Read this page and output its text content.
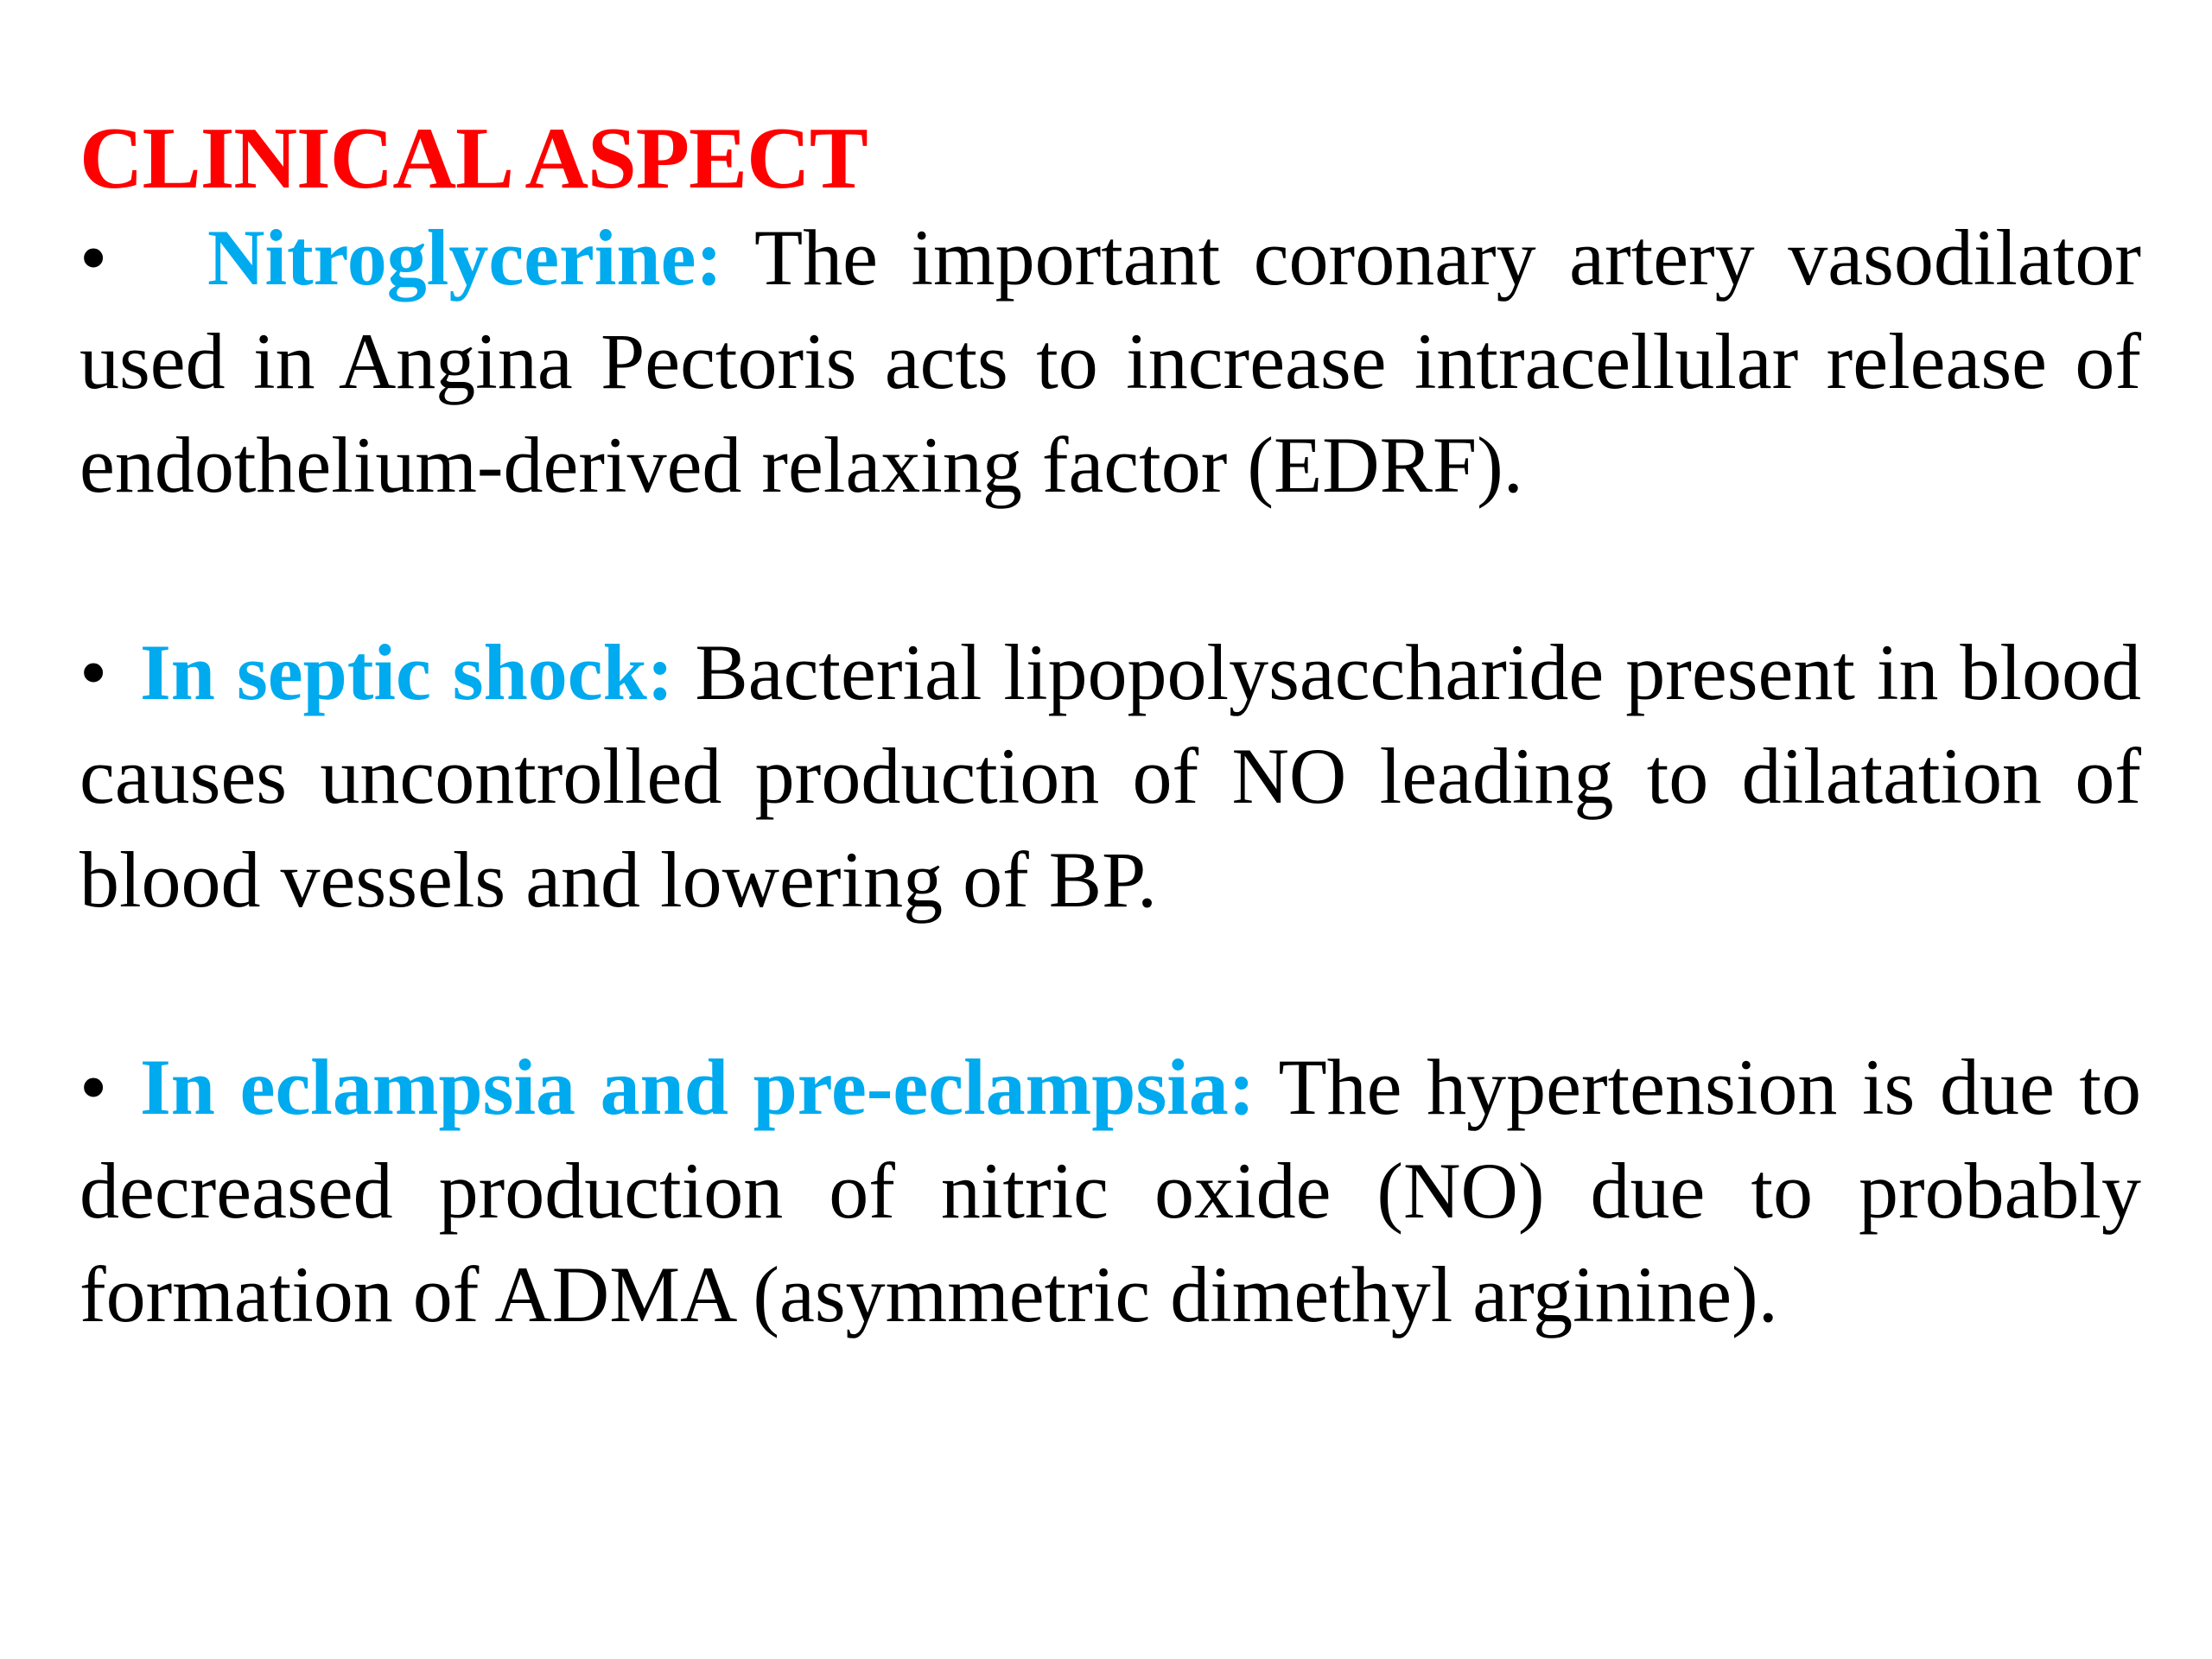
CLINICAL ASPECT

• Nitroglycerine: The important coronary artery vasodilator used in Angina Pectoris acts to increase intracellular release of endothelium-derived relaxing factor (EDRF).

• In septic shock: Bacterial lipopolysaccharide present in blood causes uncontrolled production of NO leading to dilatation of blood vessels and lowering of BP.

• In eclampsia and pre-eclampsia: The hypertension is due to decreased production of nitric oxide (NO) due to probably formation of ADMA (asymmetric dimethyl arginine).
